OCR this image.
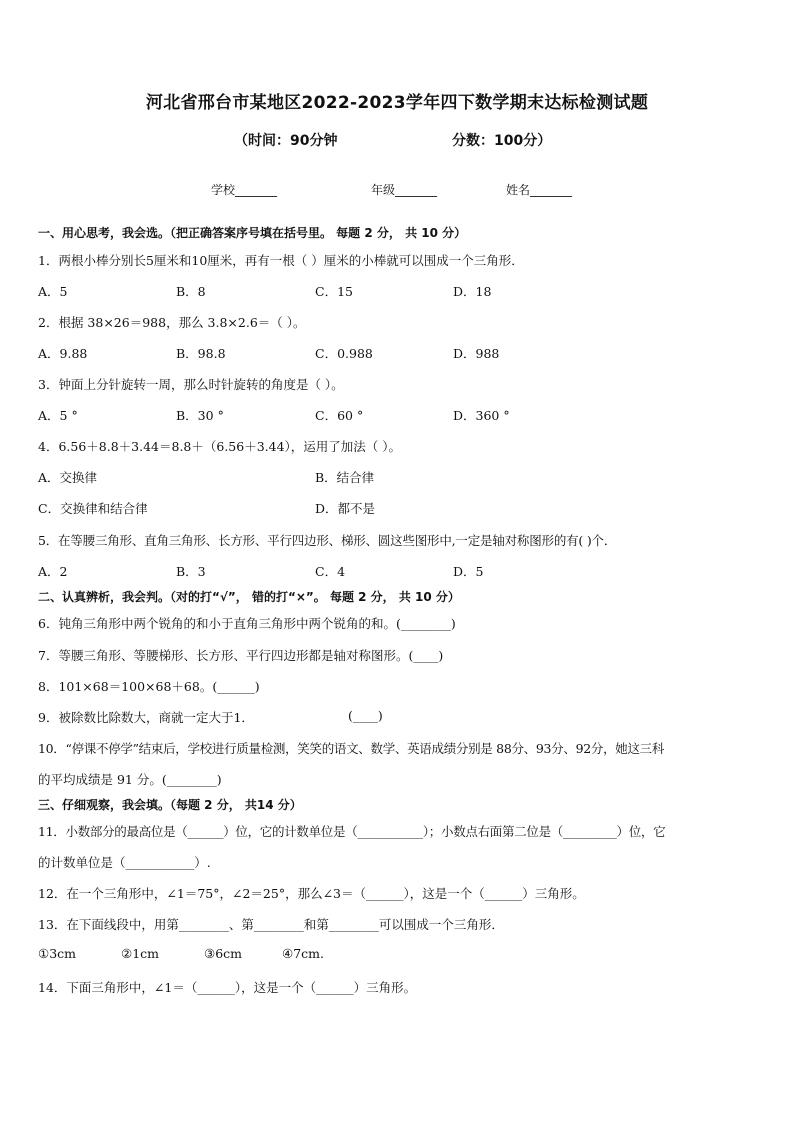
河北省邢台市某地区2022-2023学年四下数学期末达标检测试题
（时间：90分钟	分数：100分）
学校_______	年级_______	姓名_______
一、用心思考，我会选。（把正确答案序号填在括号里。 每题 2 分， 共 10 分）
1．两根小棒分别长5厘米和10厘米，再有一根（ ）厘米的小棒就可以围成一个三角形．
A．5	B．8	C．15	D．18
2．根据 38×26＝988，那么 3.8×2.6＝（ ）。
A．9.88	B．98.8	C．0.988	D．988
3．钟面上分针旋转一周，那么时针旋转的角度是（ ）。
A．5 °	B．30 °	C．60 °	D．360 °
4．6.56＋8.8＋3.44＝8.8＋（6.56＋3.44），运用了加法（ ）。
A．交换律	B．结合律
C．交换律和结合律	D．都不是
5．在等腰三角形、直角三角形、长方形、平行四边形、梯形、圆这些图形中,一定是轴对称图形的有( )个．
A．2	B．3	C．4	D．5
二、认真辨析，我会判。（对的打“√”， 错的打“×”。 每题 2 分， 共 10 分）
6．钝角三角形中两个锐角的和小于直角三角形中两个锐角的和。(________)
7．等腰三角形、等腰梯形、长方形、平行四边形都是轴对称图形。(____)
8．101×68＝100×68＋68。(______)
9．被除数比除数大，商就一定大于1．	(____)
10．“停课不停学”结束后，学校进行质量检测，笑笑的语文、数学、英语成绩分别是 88分、93分、92分，她这三科
的平均成绩是 91 分。(________)
三、仔细观察，我会填。（每题 2 分， 共14 分）
11．小数部分的最高位是（______）位，它的计数单位是（___________）；小数点右面第二位是（_________）位，它
的计数单位是（___________）.
12．在一个三角形中，∠1＝75°，∠2＝25°，那么∠3＝（______），这是一个（______）三角形。
13．在下面线段中，用第________、第________和第________可以围成一个三角形．
①3cm	②1cm	③6cm	④7cm.
14．下面三角形中，∠1＝（______），这是一个（______）三角形。
